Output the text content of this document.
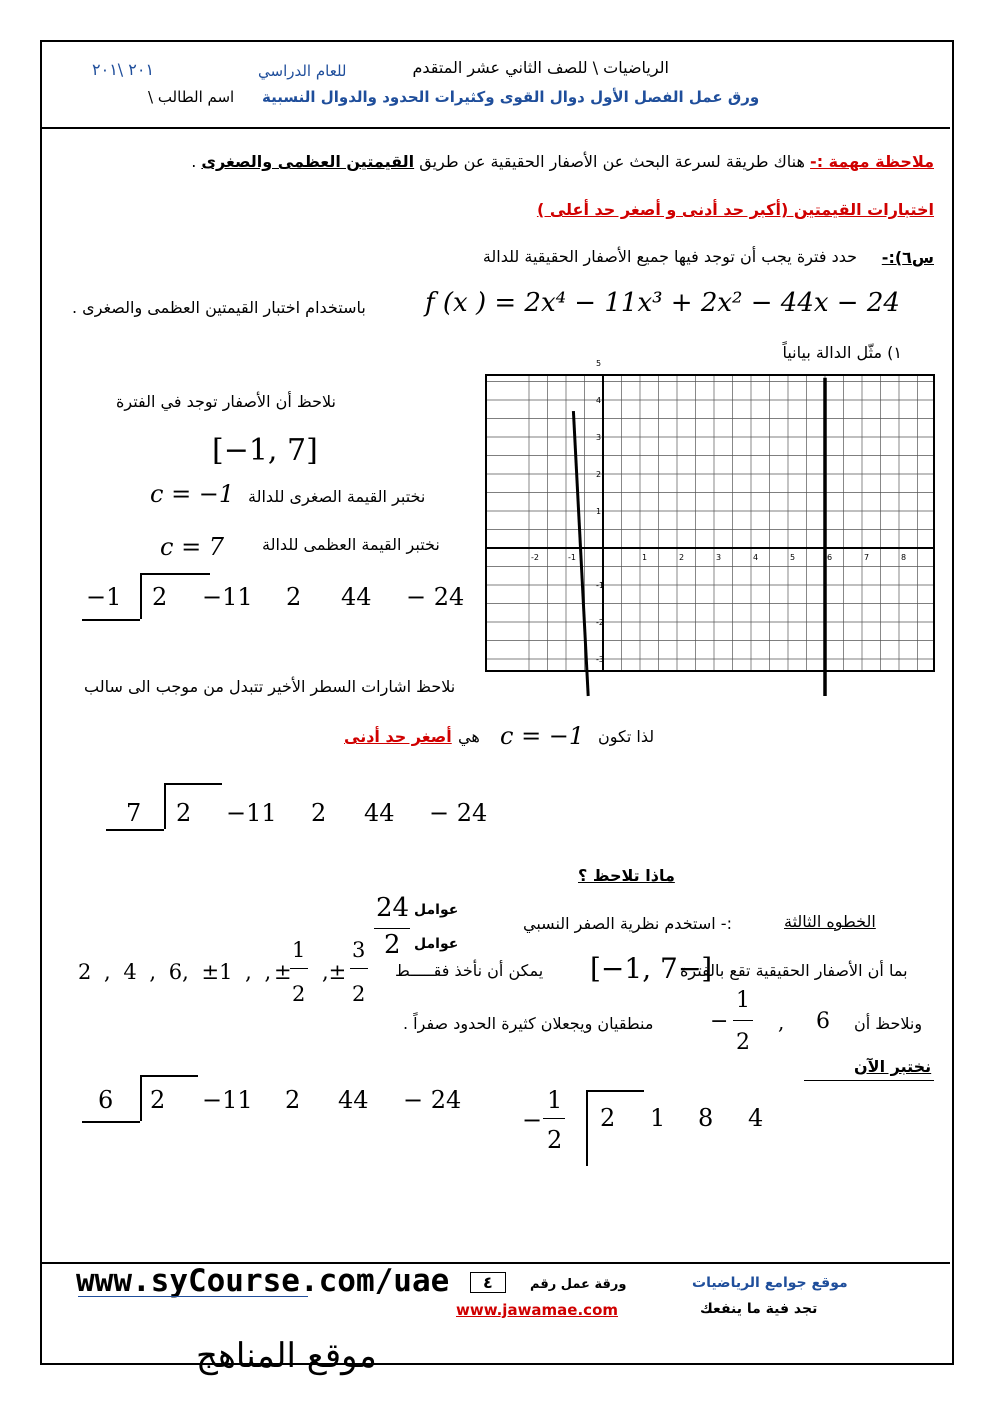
الرياضيات \ للصف الثاني عشر المتقدم
للعام الدراسي
٢٠١ \٢٠١
ورق عمل الفصل الأول دوال القوى وكثيرات الحدود والدوال النسبية
اسم الطالب \
ملاحظة مهمة :- هناك طريقة لسرعة البحث عن الأصفار الحقيقية عن طريق القيمتين العظمى والصغرى .
اختبارات القيمتين (أكبر حد أدنى و أصغر حد أعلى )
س٦):-
حدد فترة يجب أن توجد فيها جميع الأصفار الحقيقية للدالة
f (x ) = 2x⁴ − 11x³ + 2x² − 44x − 24
باستخدام اختبار القيمتين العظمى والصغرى .
١) مثّل الدالة بيانياً
-2	-1	1	2	3	4	5	6	7	8
5
4
3
2
1
-1
-2
-3
نلاحظ أن الأصفار توجد في الفترة
[−1, 7]
c = −1 نختبر القيمة الصغرى للدالة
c = 7 نختبر القيمة العظمى للدالة
−1 2 −11 2 44 − 24
نلاحظ اشارات السطر الأخير تتبدل من موجب الى سالب
لذا تكون
c = −1
هي
أصغر حد أدنى
7 2 −11 2 44 − 24
ماذا تلاحظ ؟
24
2
عوامل
عوامل
الخطوه الثالثة
:- استخدم نظرية الصفر النسبي
بما أن الأصفار الحقيقية تقع بالفترة
[−1, 7−]
يمكن أن نأخذ فقـــــط
2 , 4 , 6, ±1 , , ±
1
2
,±
3
2
ونلاحظ أن
6
,
−
1
2
منطقيان ويجعلان كثيرة الحدود صفراً .
نختبر الآن
6 2 −11 2 44 − 24
−
1
2
2 1 8 4
www.syCourse.com/uae	ورقة عمل رقم
٤	موقع جوامع الرياضيات
www.jawamae.com	تجد فية ما ينفعك
موقع المناهج
